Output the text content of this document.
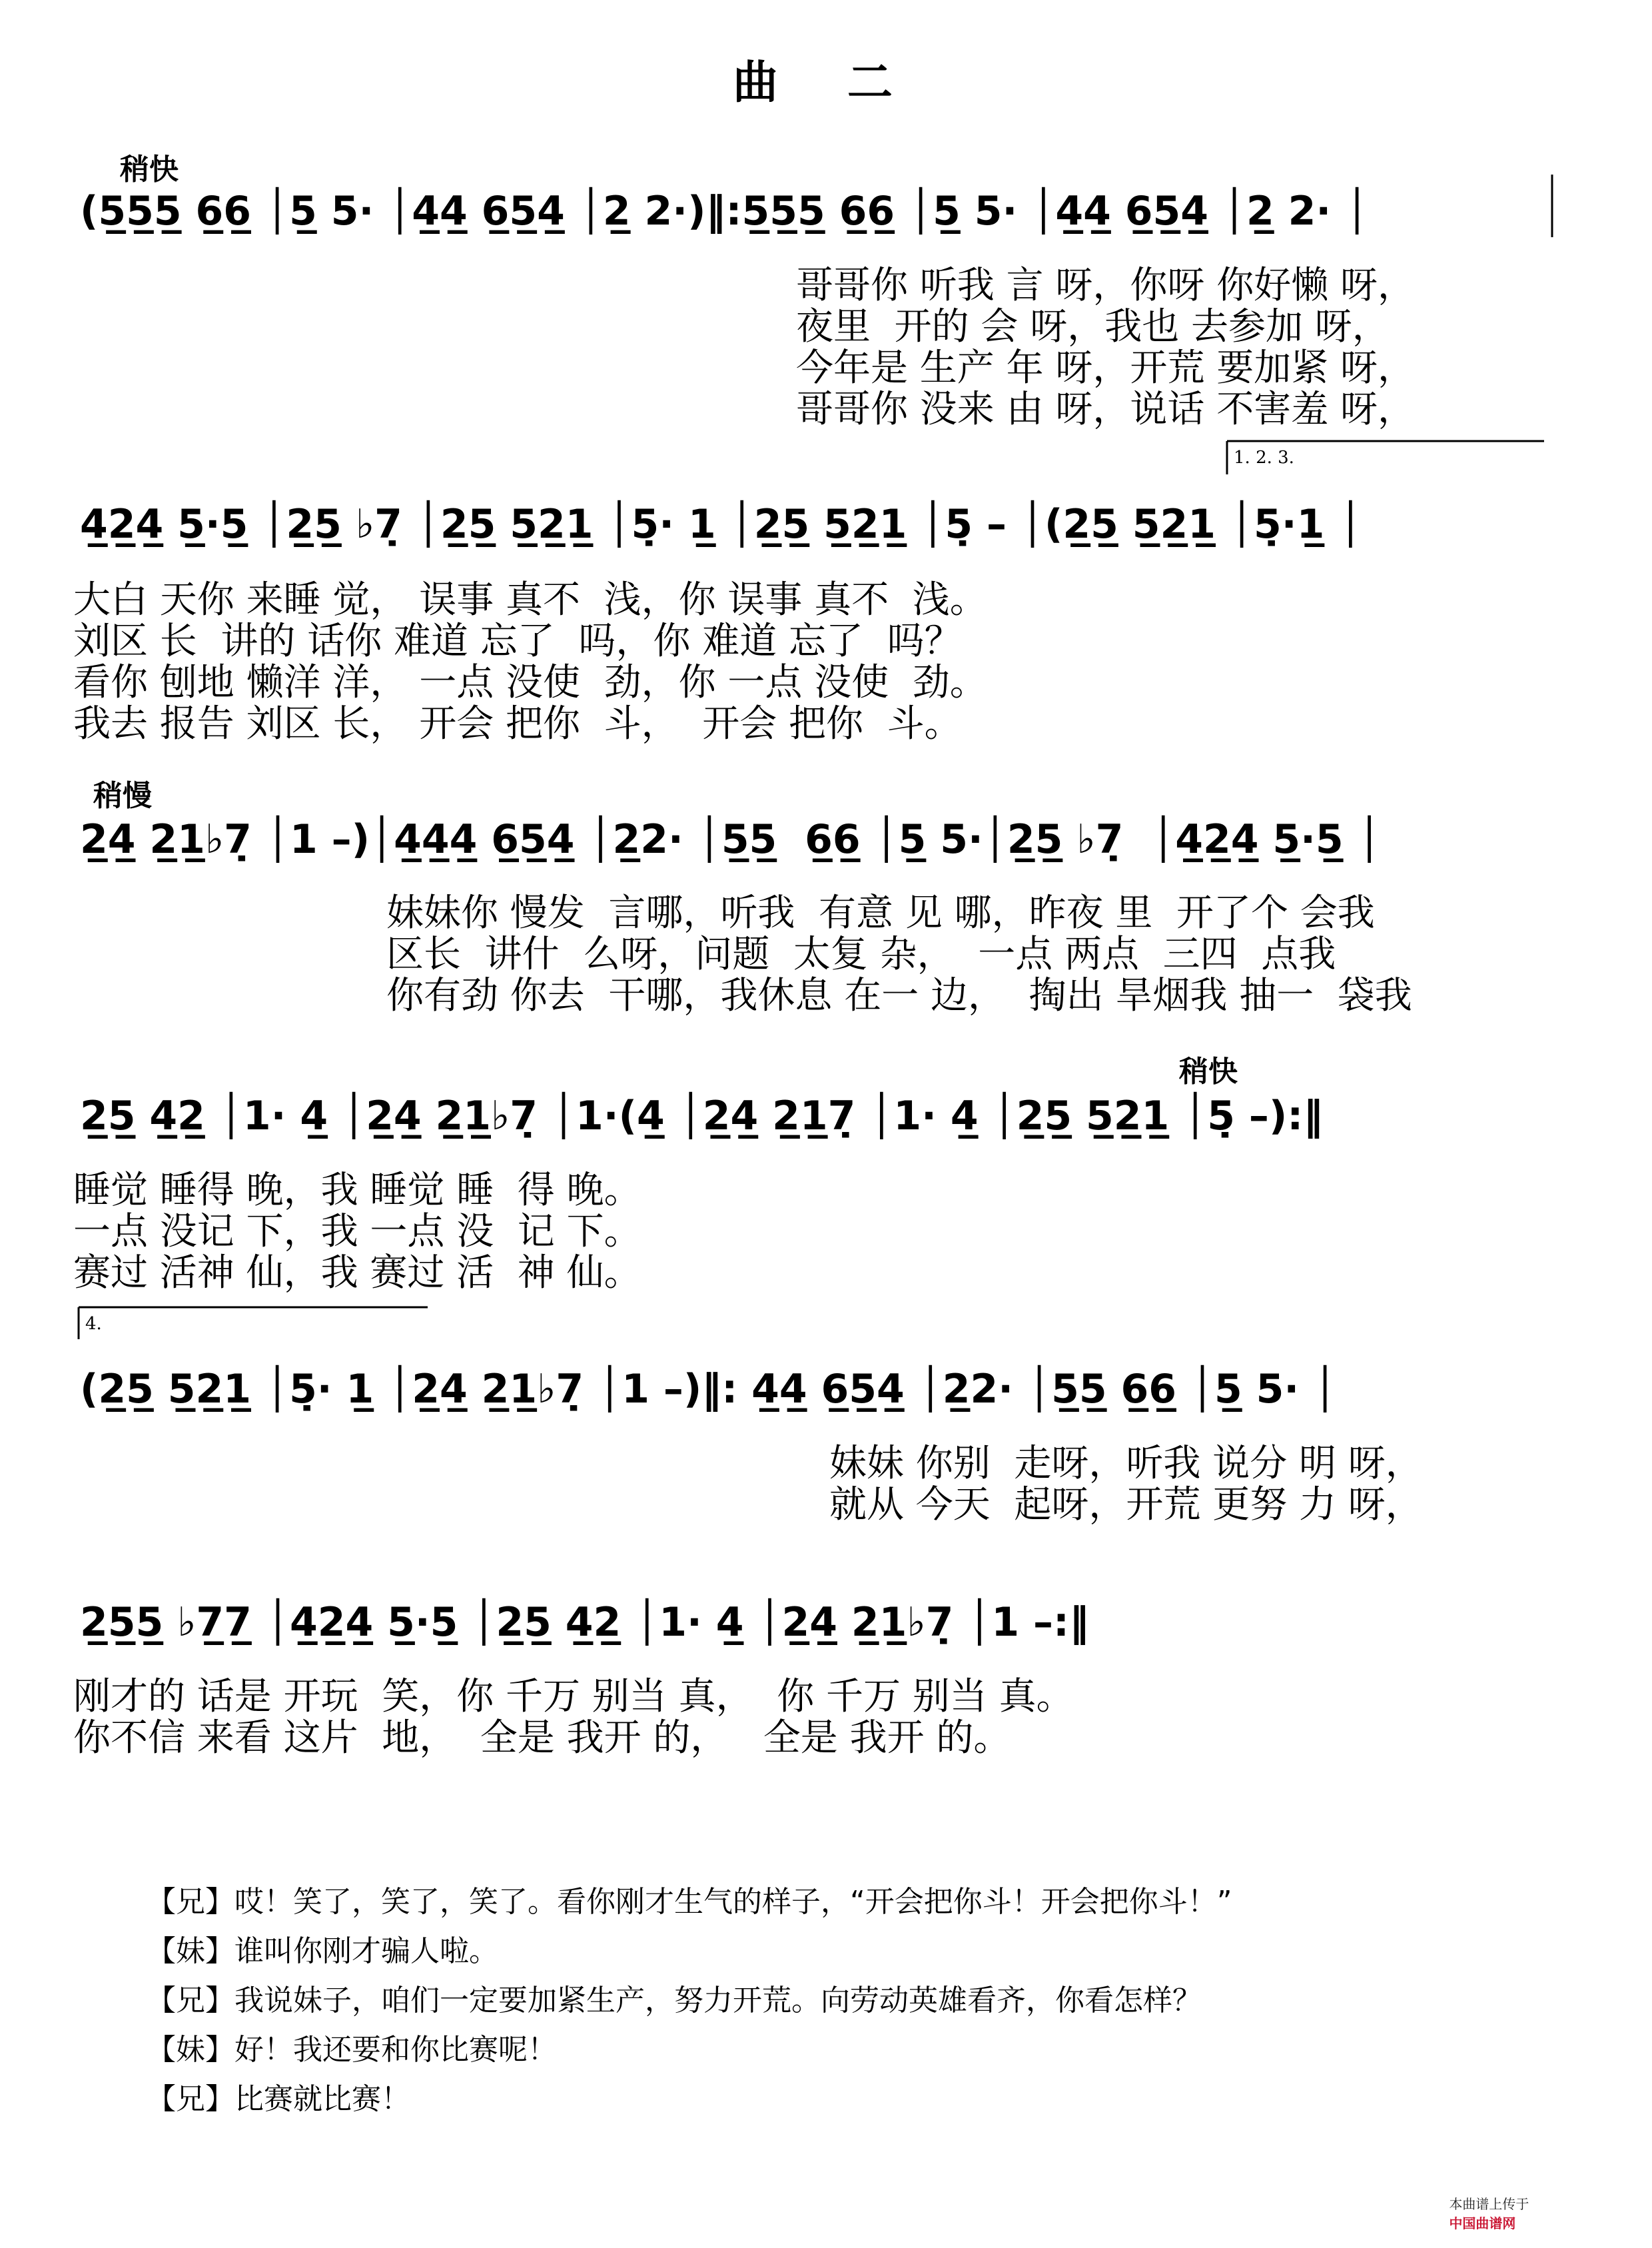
曲 二
稍快
(5̲5̲5̲ 6̲6̲ │5̲ 5· │4̲4̲ 6̲5̲4̲ │2̲ 2·)‖:5̲5̲5̲ 6̲6̲ │5̲ 5· │4̲4̲ 6̲5̲4̲ │2̲ 2· │
哥哥你 听我 言 呀，你呀 你好懒 呀，
夜里  开的 会 呀，我也 去参加 呀，
今年是 生产 年 呀，开荒 要加紧 呀，
哥哥你 没来 由 呀，说话 不害羞 呀，
1. 2. 3.
4̲2̲4̲ 5̲·5̲ │2̲5̲ ♭7̣ │2̲5̲ 5̲2̲1̲ │5̣· 1̲ │2̲5̲ 5̲2̲1̲ │5̣ – │(2̲5̲ 5̲2̲1̲ │5̣·1̲ │
大白 天你 来睡 觉， 误事 真不  浅，你 误事 真不  浅。
刘区 长  讲的 话你 难道 忘了  吗，你 难道 忘了  吗？
看你 刨地 懒洋 洋， 一点 没使  劲，你 一点 没使  劲。
我去 报告 刘区 长， 开会 把你  斗，  开会 把你  斗。
稍慢
2̲4̲ 2̲1̲♭7̣ │1 –)│4̲4̲4̲ 6̲5̲4̲ │2̲2· │5̲5̲  6̲6̲ │5̲ 5·│2̲5̲ ♭7̣  │4̲2̲4̲ 5̲·5̲ │
妹妹你 慢发  言哪，听我  有意 见 哪，昨夜 里  开了个 会我
区长  讲什  么呀，问题  太复 杂，  一点 两点  三四  点我
你有劲 你去  干哪，我休息 在一 边，  掏出 旱烟我 抽一  袋我
稍快
2̲5̲ 4̲2̲ │1· 4̲ │2̲4̲ 2̲1̲♭7̣ │1·(4̲ │2̲4̲ 2̲1̲7̣ │1· 4̲ │2̲5̲ 5̲2̲1̲ │5̣ –):‖
睡觉 睡得 晚，我 睡觉 睡  得 晚。
一点 没记 下，我 一点 没  记 下。
赛过 活神 仙，我 赛过 活  神 仙。
4.
(2̲5̲ 5̲2̲1̲ │5̣· 1̲ │2̲4̲ 2̲1̲♭7̣ │1 –)‖: 4̲4̲ 6̲5̲4̲ │2̲2· │5̲5̲ 6̲6̲ │5̲ 5· │
妹妹 你别  走呀，听我 说分 明 呀，
就从 今天  起呀，开荒 更努 力 呀，
2̲5̲5̲ ♭7̲7̲ │4̲2̲4̲ 5̲·5̲ │2̲5̲ 4̲2̲ │1· 4̲ │2̲4̲ 2̲1̲♭7̣ │1 –:‖
刚才的 话是 开玩  笑，你 千万 别当 真，  你 千万 别当 真。
你不信 来看 这片  地，  全是 我开 的，   全是 我开 的。
【兄】哎！笑了，笑了，笑了。看你刚才生气的样子，“开会把你斗！开会把你斗！”
【妹】谁叫你刚才骗人啦。
【兄】我说妹子，咱们一定要加紧生产，努力开荒。向劳动英雄看齐，你看怎样？
【妹】好！我还要和你比赛呢！
【兄】比赛就比赛！

本曲谱上传于
中国曲谱网
